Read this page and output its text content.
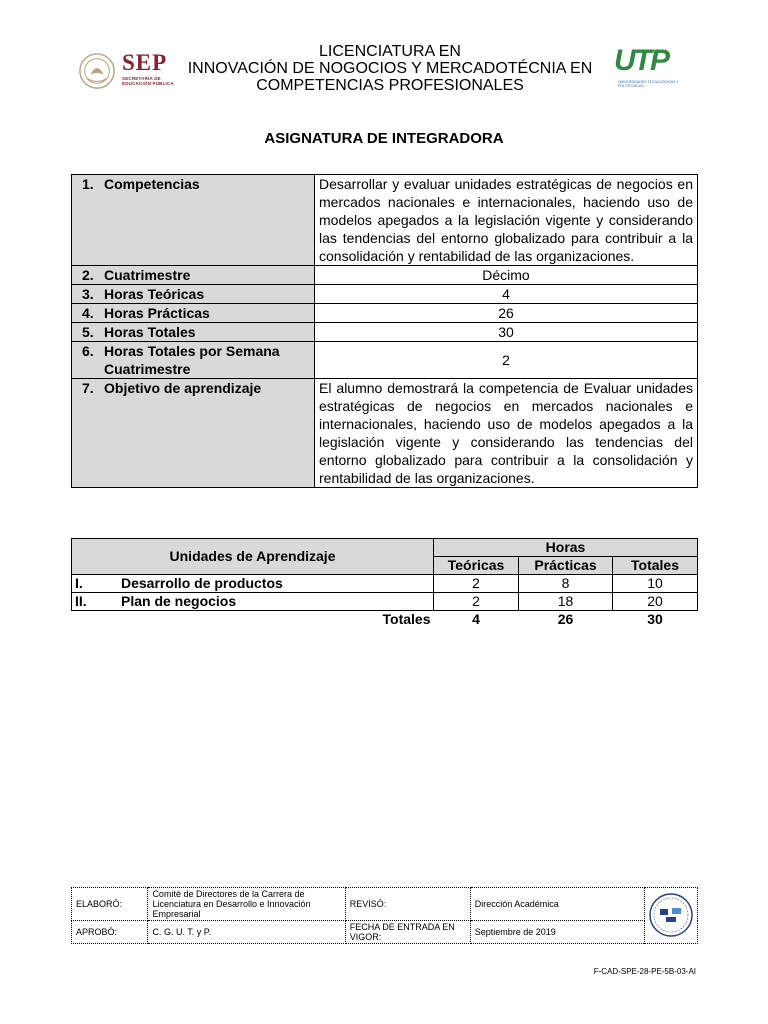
SEP
SECRETARÍA DE EDUCACIÓN PÚBLICA
LICENCIATURA EN
INNOVACIÓN DE NOGOCIOS Y MERCADOTÉCNIA EN
COMPETENCIAS PROFESIONALES
UTP
UNIVERSIDADES TECNOLÓGICAS Y POLITÉCNICAS
ASIGNATURA DE INTEGRADORA
1. Competencias	Desarrollar y evaluar unidades estratégicas de negocios en mercados nacionales e internacionales, haciendo uso de modelos apegados a la legislación vigente y considerando las tendencias del entorno globalizado para contribuir a la consolidación y rentabilidad de las organizaciones.
2. Cuatrimestre	Décimo
3. Horas Teóricas	4
4. Horas Prácticas	26
5. Horas Totales	30
6. Horas Totales por Semana Cuatrimestre	2
7. Objetivo de aprendizaje	El alumno demostrará la competencia de Evaluar unidades estratégicas de negocios en mercados nacionales e internacionales, haciendo uso de modelos apegados a la legislación vigente y considerando las tendencias del entorno globalizado para contribuir a la consolidación y rentabilidad de las organizaciones.
Unidades de Aprendizaje	Horas		
	Teóricas	Prácticas	Totales
I. Desarrollo de productos	2	8	10
II. Plan de negocios	2	18	20
Totales	4	26	30
ELABORÓ:	Comité de Directores de la Carrera de Licenciatura en Desarrollo e Innovación Empresarial	REVISÓ:	Dirección Académica	
APROBÓ:	C. G. U. T. y P.	FECHA DE ENTRADA EN VIGOR:	Septiembre de 2019	
F-CAD-SPE-28-PE-5B-03-AI
